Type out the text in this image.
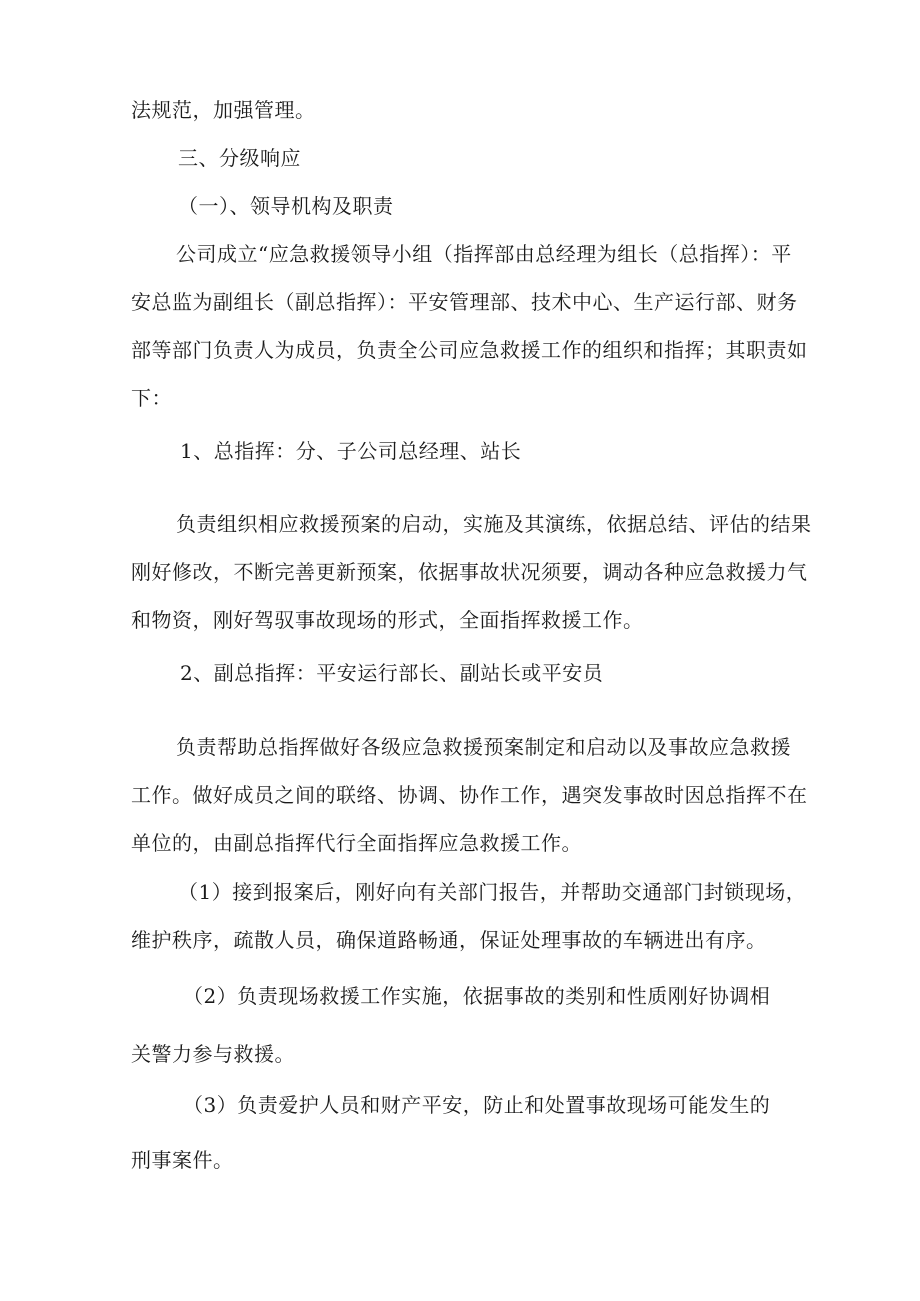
法规范，加强管理。

三、分级响应

（一）、领导机构及职责

公司成立“应急救援领导小组（指挥部由总经理为组长（总指挥）：平

安总监为副组长（副总指挥）：平安管理部、技术中心、生产运行部、财务

部等部门负责人为成员，负责全公司应急救援工作的组织和指挥；其职责如

下：

1、总指挥：分、子公司总经理、站长

负责组织相应救援预案的启动，实施及其演练，依据总结、评估的结果

刚好修改，不断完善更新预案，依据事故状况须要，调动各种应急救援力气

和物资，刚好驾驭事故现场的形式，全面指挥救援工作。

2、副总指挥：平安运行部长、副站长或平安员

负责帮助总指挥做好各级应急救援预案制定和启动以及事故应急救援

工作。做好成员之间的联络、协调、协作工作，遇突发事故时因总指挥不在

单位的，由副总指挥代行全面指挥应急救援工作。

（1）接到报案后，刚好向有关部门报告，并帮助交通部门封锁现场，

维护秩序，疏散人员，确保道路畅通，保证处理事故的车辆进出有序。

（2）负责现场救援工作实施，依据事故的类别和性质刚好协调相

关警力参与救援。

（3）负责爱护人员和财产平安，防止和处置事故现场可能发生的

刑事案件。
